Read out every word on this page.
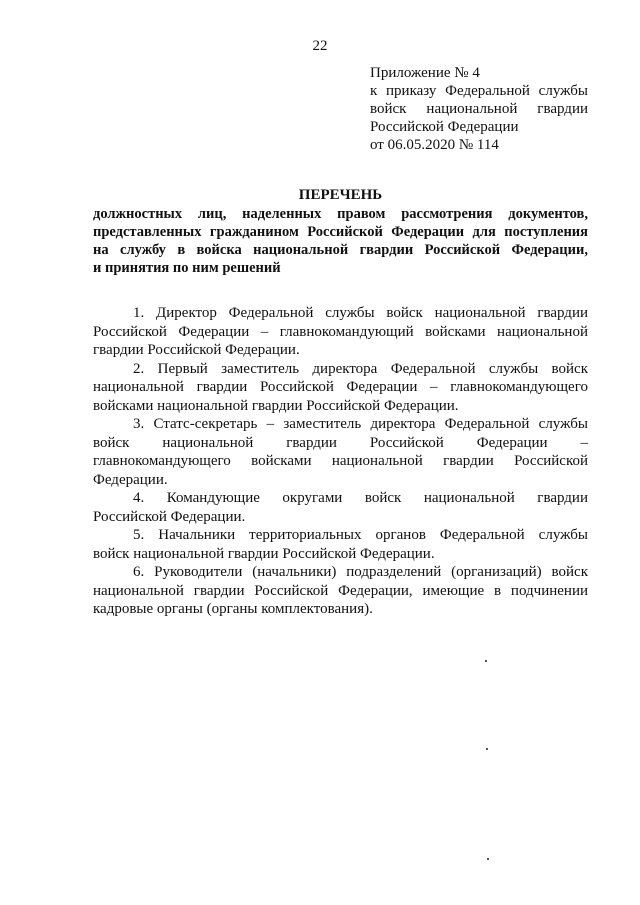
22
Приложение № 4
к приказу Федеральной службы
войск национальной гвардии
Российской Федерации
от 06.05.2020 № 114
ПЕРЕЧЕНЬ
должностных лиц, наделенных правом рассмотрения документов,
представленных гражданином Российской Федерации для поступления
на службу в войска национальной гвардии Российской Федерации,
и принятия по ним решений
1. Директор Федеральной службы войск национальной гвардии
Российской Федерации – главнокомандующий войсками национальной
гвардии Российской Федерации.
2. Первый заместитель директора Федеральной службы войск
национальной гвардии Российской Федерации – главнокомандующего
войсками национальной гвардии Российской Федерации.
3. Статс-секретарь – заместитель директора Федеральной службы
войск национальной гвардии Российской Федерации –
главнокомандующего войсками национальной гвардии Российской
Федерации.
4. Командующие округами войск национальной гвардии
Российской Федерации.
5. Начальники территориальных органов Федеральной службы
войск национальной гвардии Российской Федерации.
6. Руководители (начальники) подразделений (организаций) войск
национальной гвардии Российской Федерации, имеющие в подчинении
кадровые органы (органы комплектования).
